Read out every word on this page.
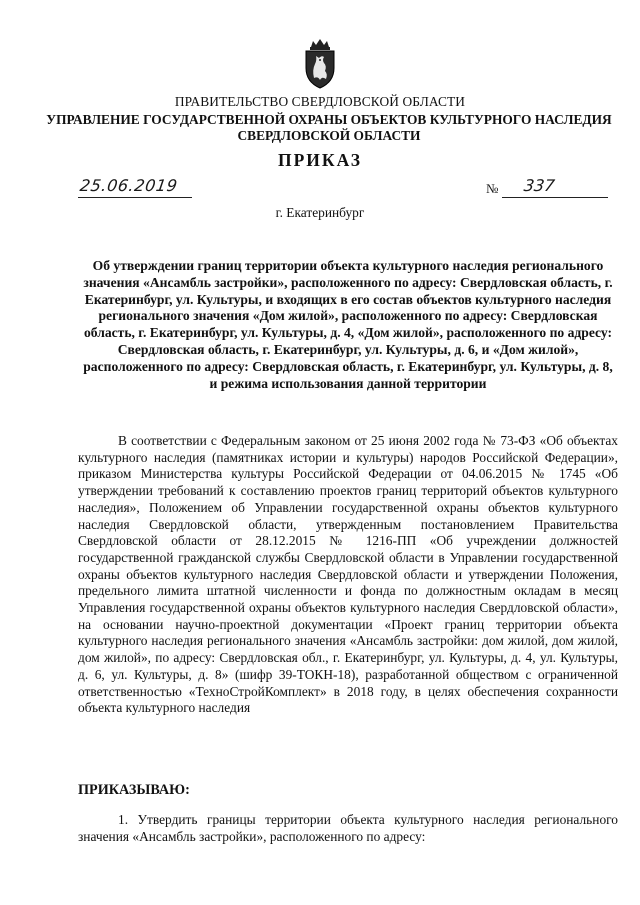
ПРАВИТЕЛЬСТВО СВЕРДЛОВСКОЙ ОБЛАСТИ
УПРАВЛЕНИЕ ГОСУДАРСТВЕННОЙ ОХРАНЫ ОБЪЕКТОВ КУЛЬТУРНОГО НАСЛЕДИЯ СВЕРДЛОВСКОЙ ОБЛАСТИ
ПРИКАЗ
25.06.2019	№ 337
г. Екатеринбург
Об утверждении границ территории объекта культурного наследия регионального значения «Ансамбль застройки», расположенного по адресу: Свердловская область, г. Екатеринбург, ул. Культуры, и входящих в его состав объектов культурного наследия регионального значения «Дом жилой», расположенного по адресу: Свердловская область, г. Екатеринбург, ул. Культуры, д. 4, «Дом жилой», расположенного по адресу: Свердловская область, г. Екатеринбург, ул. Культуры, д. 6, и «Дом жилой», расположенного по адресу: Свердловская область, г. Екатеринбург, ул. Культуры, д. 8, и режима использования данной территории

В соответствии с Федеральным законом от 25 июня 2002 года № 73-ФЗ «Об объектах культурного наследия (памятниках истории и культуры) народов Российской Федерации», приказом Министерства культуры Российской Федерации от 04.06.2015 № 1745 «Об утверждении требований к составлению проектов границ территорий объектов культурного наследия», Положением об Управлении государственной охраны объектов культурного наследия Свердловской области, утвержденным постановлением Правительства Свердловской области от 28.12.2015 № 1216-ПП «Об учреждении должностей государственной гражданской службы Свердловской области в Управлении государственной охраны объектов культурного наследия Свердловской области и утверждении Положения, предельного лимита штатной численности и фонда по должностным окладам в месяц Управления государственной охраны объектов культурного наследия Свердловской области», на основании научно-проектной документации «Проект границ территории объекта культурного наследия регионального значения «Ансамбль застройки: дом жилой, дом жилой, дом жилой», по адресу: Свердловская обл., г. Екатеринбург, ул. Культуры, д. 4, ул. Культуры, д. 6, ул. Культуры, д. 8» (шифр 39-ТОКН-18), разработанной обществом с ограниченной ответственностью «ТехноСтройКомплект» в 2018 году, в целях обеспечения сохранности объекта культурного наследия

ПРИКАЗЫВАЮ:

1. Утвердить границы территории объекта культурного наследия регионального значения «Ансамбль застройки», расположенного по адресу:
